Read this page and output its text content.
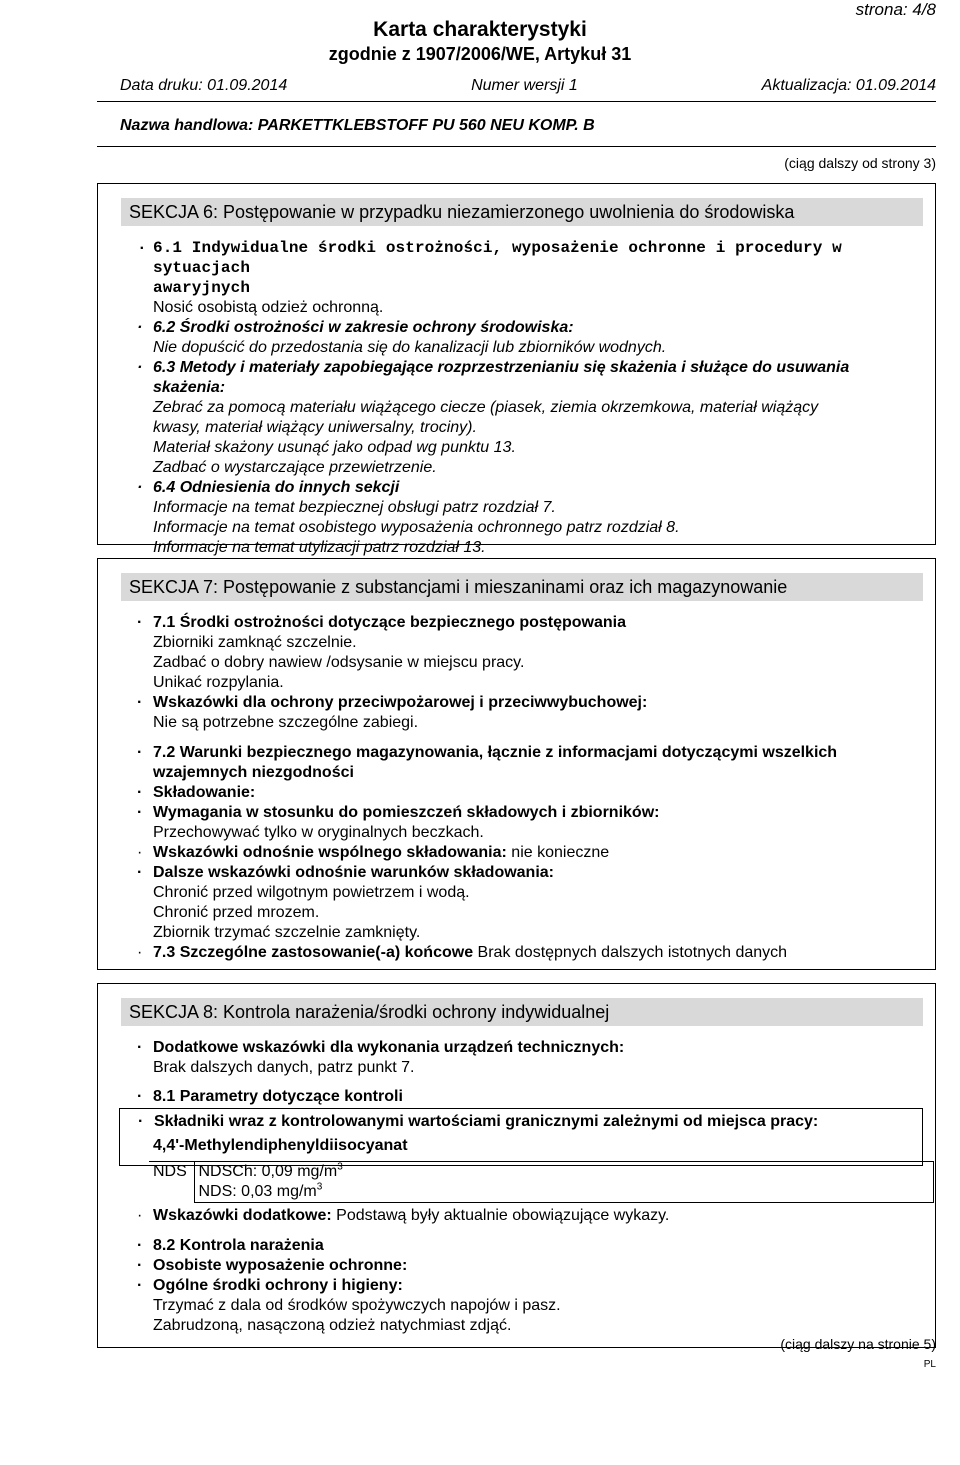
strona: 4/8
Karta charakterystyki
zgodnie z 1907/2006/WE, Artykuł 31
Data druku: 01.09.2014	Numer wersji 1	Aktualizacja: 01.09.2014
Nazwa handlowa: PARKETTKLEBSTOFF PU 560 NEU KOMP. B
(ciąg dalszy od strony 3)
SEKCJA 6: Postępowanie w przypadku niezamierzonego uwolnienia do środowiska
· 6.1 Indywidualne środki ostrożności, wyposażenie ochronne i procedury w sytuacjach
awaryjnych
Nosić osobistą odzież ochronną.
· 6.2 Środki ostrożności w zakresie ochrony środowiska:
Nie dopuścić do przedostania się do kanalizacji lub zbiorników wodnych.
· 6.3 Metody i materiały zapobiegające rozprzestrzenianiu się skażenia i służące do usuwania
skażenia:
Zebrać za pomocą materiału wiążącego ciecze (piasek, ziemia okrzemkowa, materiał wiążący
kwasy, materiał wiążący uniwersalny, trociny).
Materiał skażony usunąć jako odpad wg punktu 13.
Zadbać o wystarczające przewietrzenie.
· 6.4 Odniesienia do innych sekcji
Informacje na temat bezpiecznej obsługi patrz rozdział 7.
Informacje na temat osobistego wyposażenia ochronnego patrz rozdział 8.
Informacje na temat utylizacji patrz rozdział 13.
SEKCJA 7: Postępowanie z substancjami i mieszaninami oraz ich magazynowanie
· 7.1 Środki ostrożności dotyczące bezpiecznego postępowania
Zbiorniki zamknąć szczelnie.
Zadbać o dobry nawiew /odsysanie w miejscu pracy.
Unikać rozpylania.
· Wskazówki dla ochrony przeciwpożarowej i przeciwwybuchowej:
Nie są potrzebne szczególne zabiegi.
· 7.2 Warunki bezpiecznego magazynowania, łącznie z informacjami dotyczącymi wszelkich
wzajemnych niezgodności
· Składowanie:
· Wymagania w stosunku do pomieszczeń składowych i zbiorników:
Przechowywać tylko w oryginalnych beczkach.
· Wskazówki odnośnie wspólnego składowania: nie konieczne
· Dalsze wskazówki odnośnie warunków składowania:
Chronić przed wilgotnym powietrzem i wodą.
Chronić przed mrozem.
Zbiornik trzymać szczelnie zamknięty.
· 7.3 Szczególne zastosowanie(-a) końcowe Brak dostępnych dalszych istotnych danych
SEKCJA 8: Kontrola narażenia/środki ochrony indywidualnej
· Dodatkowe wskazówki dla wykonania urządzeń technicznych:
Brak dalszych danych, patrz punkt 7.
· 8.1 Parametry dotyczące kontroli
· Składniki wraz z kontrolowanymi wartościami granicznymi zależnymi od miejsca pracy:
4,4'-Methylendiphenyldiisocyanat
NDS	NDSCh: 0,09 $mg/m^3$
NDS: 0,03 $mg/m^3$
· Wskazówki dodatkowe: Podstawą były aktualnie obowiązujące wykazy.
· 8.2 Kontrola narażenia
· Osobiste wyposażenie ochronne:
· Ogólne środki ochrony i higieny:
Trzymać z dala od środków spożywczych napojów i pasz.
Zabrudzoną, nasączoną odzież natychmiast zdjąć.
(ciąg dalszy na stronie 5)
PL
